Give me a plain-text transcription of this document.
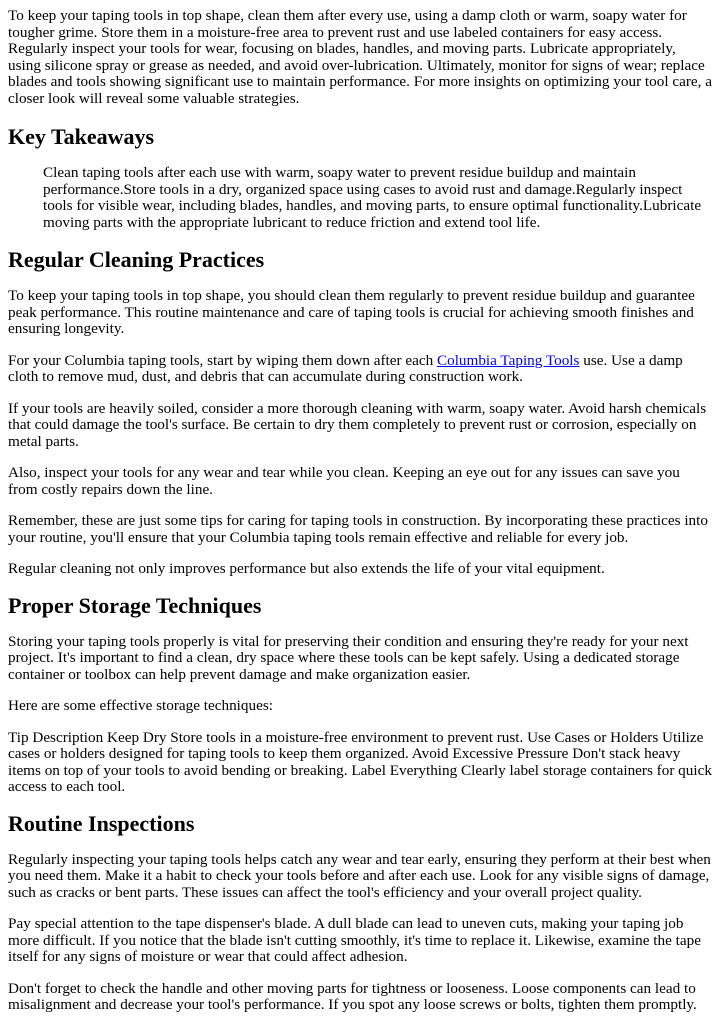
To keep your taping tools in top shape, clean them after every use, using a damp cloth or warm, soapy water for tougher grime. Store them in a moisture-free area to prevent rust and use labeled containers for easy access. Regularly inspect your tools for wear, focusing on blades, handles, and moving parts. Lubricate appropriately, using silicone spray or grease as needed, and avoid over-lubrication. Ultimately, monitor for signs of wear; replace blades and tools showing significant use to maintain performance. For more insights on optimizing your tool care, a closer look will reveal some valuable strategies.

Key Takeaways

Clean taping tools after each use with warm, soapy water to prevent residue buildup and maintain performance.Store tools in a dry, organized space using cases to avoid rust and damage.Regularly inspect tools for visible wear, including blades, handles, and moving parts, to ensure optimal functionality.Lubricate moving parts with the appropriate lubricant to reduce friction and extend tool life.

Regular Cleaning Practices

To keep your taping tools in top shape, you should clean them regularly to prevent residue buildup and guarantee peak performance. This routine maintenance and care of taping tools is crucial for achieving smooth finishes and ensuring longevity.

For your Columbia taping tools, start by wiping them down after each Columbia Taping Tools use. Use a damp cloth to remove mud, dust, and debris that can accumulate during construction work.

If your tools are heavily soiled, consider a more thorough cleaning with warm, soapy water. Avoid harsh chemicals that could damage the tool's surface. Be certain to dry them completely to prevent rust or corrosion, especially on metal parts.

Also, inspect your tools for any wear and tear while you clean. Keeping an eye out for any issues can save you from costly repairs down the line.

Remember, these are just some tips for caring for taping tools in construction. By incorporating these practices into your routine, you'll ensure that your Columbia taping tools remain effective and reliable for every job.

Regular cleaning not only improves performance but also extends the life of your vital equipment.

Proper Storage Techniques

Storing your taping tools properly is vital for preserving their condition and ensuring they're ready for your next project. It's important to find a clean, dry space where these tools can be kept safely. Using a dedicated storage container or toolbox can help prevent damage and make organization easier.

Here are some effective storage techniques:

Tip Description Keep Dry Store tools in a moisture-free environment to prevent rust. Use Cases or Holders Utilize cases or holders designed for taping tools to keep them organized. Avoid Excessive Pressure Don't stack heavy items on top of your tools to avoid bending or breaking. Label Everything Clearly label storage containers for quick access to each tool.

Routine Inspections

Regularly inspecting your taping tools helps catch any wear and tear early, ensuring they perform at their best when you need them. Make it a habit to check your tools before and after each use. Look for any visible signs of damage, such as cracks or bent parts. These issues can affect the tool's efficiency and your overall project quality.

Pay special attention to the tape dispenser's blade. A dull blade can lead to uneven cuts, making your taping job more difficult. If you notice that the blade isn't cutting smoothly, it's time to replace it. Likewise, examine the tape itself for any signs of moisture or wear that could affect adhesion.

Don't forget to check the handle and other moving parts for tightness or looseness. Loose components can lead to misalignment and decrease your tool's performance. If you spot any loose screws or bolts, tighten them promptly.
